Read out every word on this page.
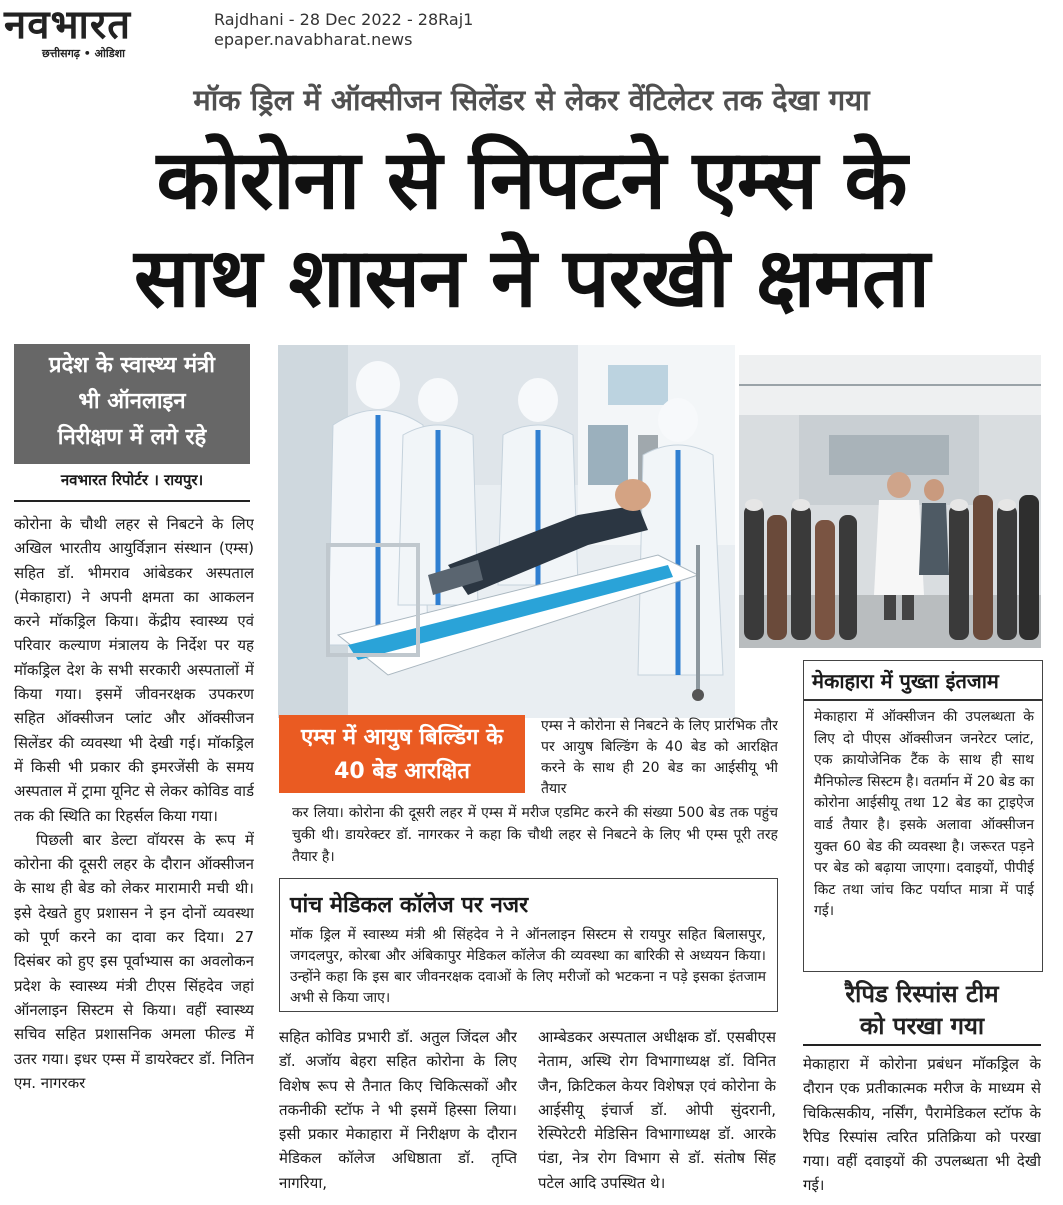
नवभारत
छत्तीसगढ़ • ओडिशा
Rajdhani - 28 Dec 2022 - 28Raj1
epaper.navabharat.news
मॉक ड्रिल में ऑक्सीजन सिलेंडर से लेकर वेंटिलेटर तक देखा गया
कोरोना से निपटने एम्स के
साथ शासन ने परखी क्षमता
प्रदेश के स्वास्थ्य मंत्री
भी ऑनलाइन
निरीक्षण में लगे रहे
नवभारत रिपोर्टर । रायपुर।

कोरोना के चौथी लहर से निबटने के लिए अखिल भारतीय आयुर्विज्ञान संस्थान (एम्स) सहित डॉ. भीमराव आंबेडकर अस्पताल (मेकाहारा) ने अपनी क्षमता का आकलन करने मॉकड्रिल किया। केंद्रीय स्वास्थ्य एवं परिवार कल्याण मंत्रालय के निर्देश पर यह मॉकड्रिल देश के सभी सरकारी अस्पतालों में किया गया। इसमें जीवनरक्षक उपकरण सहित ऑक्सीजन प्लांट और ऑक्सीजन सिलेंडर की व्यवस्था भी देखी गई। मॉकड्रिल में किसी भी प्रकार की इमरजेंसी के समय अस्पताल में ट्रामा यूनिट से लेकर कोविड वार्ड तक की स्थिति का रिहर्सल किया गया।

पिछली बार डेल्टा वॉयरस के रूप में कोरोना की दूसरी लहर के दौरान ऑक्सीजन के साथ ही बेड को लेकर मारामारी मची थी। इसे देखते हुए प्रशासन ने इन दोनों व्यवस्था को पूर्ण करने का दावा कर दिया। 27 दिसंबर को हुए इस पूर्वाभ्यास का अवलोकन प्रदेश के स्वास्थ्य मंत्री टीएस सिंहदेव जहां ऑनलाइन सिस्टम से किया। वहीं स्वास्थ्य सचिव सहित प्रशासनिक अमला फील्ड में उतर गया। इधर एम्स में डायरेक्टर डॉ. नितिन एम. नागरकर

एम्स में आयुष बिल्डिंग के
40 बेड आरक्षित
एम्स ने कोरोना से निबटने के लिए प्रारंभिक तौर पर आयुष बिल्डिंग के 40 बेड को आरक्षित करने के साथ ही 20 बेड का आईसीयू भी तैयार
कर लिया। कोरोना की दूसरी लहर में एम्स में मरीज एडमिट करने की संख्या 500 बेड तक पहुंच चुकी थी। डायरेक्टर डॉ. नागरकर ने कहा कि चौथी लहर से निबटने के लिए भी एम्स पूरी तरह तैयार है।
पांच मेडिकल कॉलेज पर नजर
मॉक ड्रिल में स्वास्थ्य मंत्री श्री सिंहदेव ने ने ऑनलाइन सिस्टम से रायपुर सहित बिलासपुर, जगदलपुर, कोरबा और अंबिकापुर मेडिकल कॉलेज की व्यवस्था का बारिकी से अध्ययन किया। उन्होंने कहा कि इस बार जीवनरक्षक दवाओं के लिए मरीजों को भटकना न पड़े इसका इंतजाम अभी से किया जाए।
सहित कोविड प्रभारी डॉ. अतुल जिंदल और डॉ. अजॉय बेहरा सहित कोरोना के लिए विशेष रूप से तैनात किए चिकित्सकों और तकनीकी स्टॉफ ने भी इसमें हिस्सा लिया। इसी प्रकार मेकाहारा में निरीक्षण के दौरान मेडिकल कॉलेज अधिष्ठाता डॉ. तृप्ति नागरिया,
आम्बेडकर अस्पताल अधीक्षक डॉ. एसबीएस नेताम, अस्थि रोग विभागाध्यक्ष डॉ. विनित जैन, क्रिटिकल केयर विशेषज्ञ एवं कोरोना के आईसीयू इंचार्ज डॉ. ओपी सुंदरानी, रेस्पिरेटरी मेडिसिन विभागाध्यक्ष डॉ. आरके पंडा, नेत्र रोग विभाग से डॉ. संतोष सिंह पटेल आदि उपस्थित थे।
मेकाहारा में पुख्ता इंतजाम
मेकाहारा में ऑक्सीजन की उपलब्धता के लिए दो पीएस ऑक्सीजन जनरेटर प्लांट, एक क्रायोजेनिक टैंक के साथ ही साथ मैनिफोल्ड सिस्टम है। वतर्मान में 20 बेड का कोरोना आईसीयू तथा 12 बेड का ट्राइऐज वार्ड तैयार है। इसके अलावा ऑक्सीजन युक्त 60 बेड की व्यवस्था है। जरूरत पड़ने पर बेड को बढ़ाया जाएगा। दवाइयों, पीपीई किट तथा जांच किट पर्याप्त मात्रा में पाई गई।
रैपिड रिस्पांस टीम
को परखा गया
मेकाहारा में कोरोना प्रबंधन मॉकड्रिल के दौरान एक प्रतीकात्मक मरीज के माध्यम से चिकित्सकीय, नर्सिंग, पैरामेडिकल स्टॉफ के रैपिड रिस्पांस त्वरित प्रतिक्रिया को परखा गया। वहीं दवाइयों की उपलब्धता भी देखी गई।
